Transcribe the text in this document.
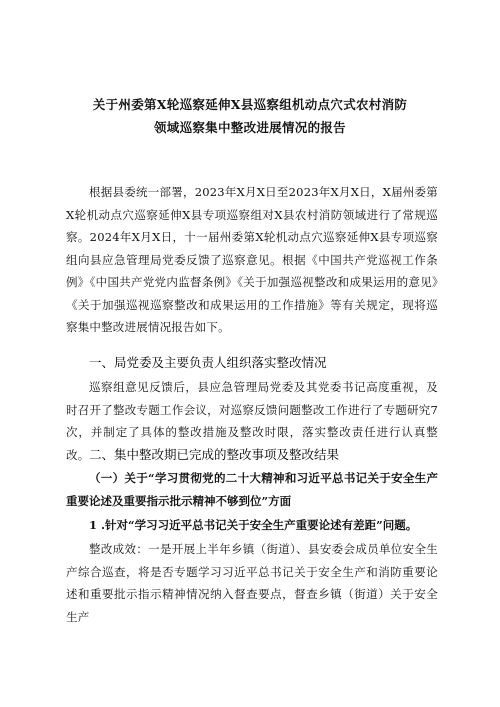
关于州委第X轮巡察延伸X县巡察组机动点穴式农村消防领域巡察集中整改进展情况的报告
根据县委统一部署，2023年X月X日至2023年X月X日，X届州委第X轮机动点穴巡察延伸X县专项巡察组对X县农村消防领域进行了常规巡察。2024年X月X日，十一届州委第X轮机动点穴巡察延伸X县专项巡察组向县应急管理局党委反馈了巡察意见。根据《中国共产党巡视工作条例》《中国共产党党内监督条例》《关于加强巡视整改和成果运用的意见》《关于加强巡视巡察整改和成果运用的工作措施》等有关规定，现将巡察集中整改进展情况报告如下。
一、局党委及主要负责人组织落实整改情况
巡察组意见反馈后，县应急管理局党委及其党委书记高度重视，及时召开了整改专题工作会议，对巡察反馈问题整改工作进行了专题研究7次，并制定了具体的整改措施及整改时限，落实整改责任进行认真整改。 二、集中整改期已完成的整改事项及整改结果
（一）关于“学习贯彻党的二十大精神和习近平总书记关于安全生产重要论述及重要指示批示精神不够到位”方面
1 .针对“学习习近平总书记关于安全生产重要论述有差距”问题。
整改成效：一是开展上半年乡镇（街道）、县安委会成员单位安全生产综合巡查，将是否专题学习习近平总书记关于安全生产和消防重要论述和重要批示指示精神情况纳入督查要点，督查乡镇（街道）关于安全生产
